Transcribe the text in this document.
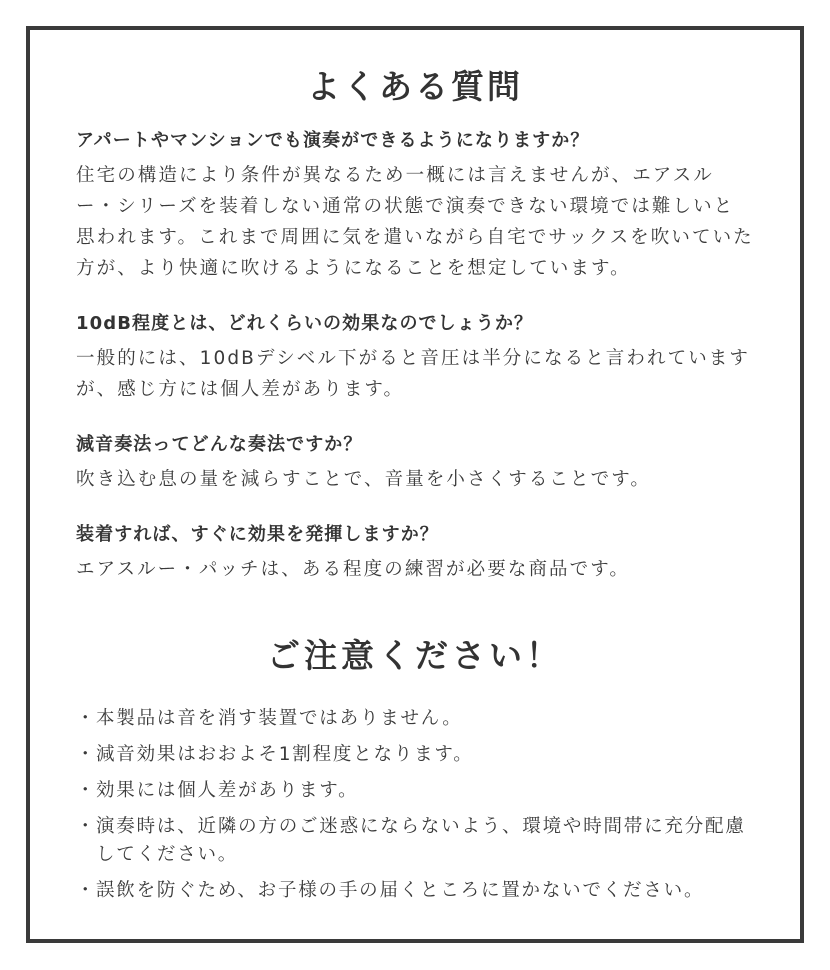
よくある質問
アパートやマンションでも演奏ができるようになりますか？
住宅の構造により条件が異なるため一概には言えませんが、エアスルー・シリーズを装着しない通常の状態で演奏できない環境では難しいと思われます。これまで周囲に気を遣いながら自宅でサックスを吹いていた方が、より快適に吹けるようになることを想定しています。
10dB程度とは、どれくらいの効果なのでしょうか？
一般的には、10dBデシベル下がると音圧は半分になると言われていますが、感じ方には個人差があります。
減音奏法ってどんな奏法ですか？
吹き込む息の量を減らすことで、音量を小さくすることです。
装着すれば、すぐに効果を発揮しますか？
エアスルー・パッチは、ある程度の練習が必要な商品です。
ご注意ください！
・ 本製品は音を消す装置ではありません。
・ 減音効果はおおよそ1割程度となります。
・ 効果には個人差があります。
・ 演奏時は、近隣の方のご迷惑にならないよう、環境や時間帯に充分配慮してください。
・ 誤飲を防ぐため、お子様の手の届くところに置かないでください。
